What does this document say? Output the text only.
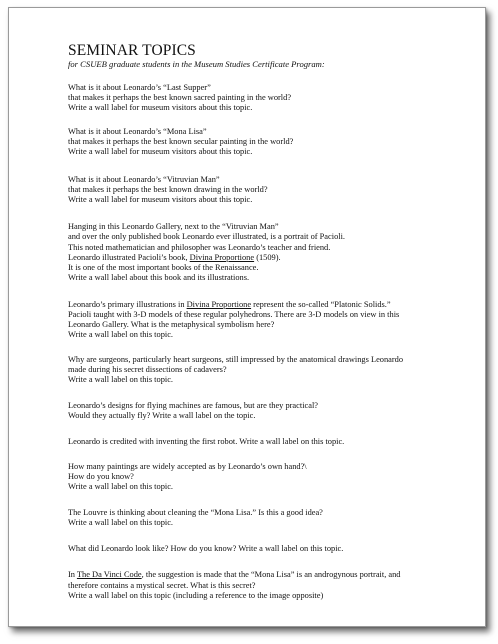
SEMINAR TOPICS

for CSUEB graduate students in the Museum Studies Certificate Program:

What is it about Leonardo’s “Last Supper”
that makes it perhaps the best known sacred painting in the world?
Write a wall label for museum visitors about this topic.

What is it about Leonardo’s “Mona Lisa”
that makes it perhaps the best known secular painting in the world?
Write a wall label for museum visitors about this topic.

What is it about Leonardo’s “Vitruvian Man”
that makes it perhaps the best known drawing in the world?
Write a wall label for museum visitors about this topic.

Hanging in this Leonardo Gallery, next to the “Vitruvian Man”
and over the only published book Leonardo ever illustrated, is a portrait of Pacioli.
This noted mathematician and philosopher was Leonardo’s teacher and friend.
Leonardo illustrated Pacioli’s book, Divina Proportione (1509).
It is one of the most important books of the Renaissance.
Write a wall label about this book and its illustrations.

Leonardo’s primary illustrations in Divina Proportione represent the so-called “Platonic Solids.”
Pacioli taught with 3-D models of these regular polyhedrons. There are 3-D models on view in this
Leonardo Gallery. What is the metaphysical symbolism here?
Write a wall label on this topic.

Why are surgeons, particularly heart surgeons, still impressed by the anatomical drawings Leonardo
made during his secret dissections of cadavers?
Write a wall label on this topic.

Leonardo’s designs for flying machines are famous, but are they practical?
Would they actually fly? Write a wall label on the topic.

Leonardo is credited with inventing the first robot. Write a wall label on this topic.

How many paintings are widely accepted as by Leonardo’s own hand?\
How do you know?
Write a wall label on this topic.

The Louvre is thinking about cleaning the “Mona Lisa.” Is this a good idea?
Write a wall label on this topic.

What did Leonardo look like? How do you know? Write a wall label on this topic.

In The Da Vinci Code, the suggestion is made that the “Mona Lisa” is an androgynous portrait, and
therefore contains a mystical secret. What is this secret?
Write a wall label on this topic (including a reference to the image opposite)
